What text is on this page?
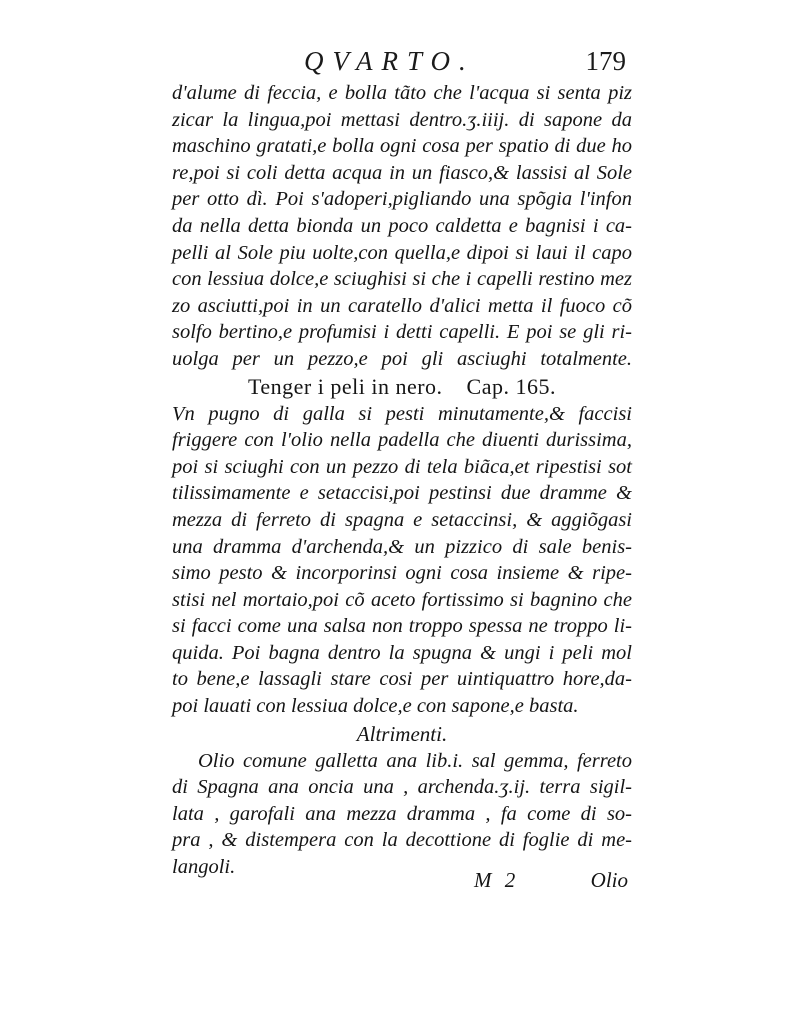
QVARTO.	179
d'alume di feccia, e bolla tãto che l'acqua si senta piz
zicar la lingua,poi mettasi dentro.ʒ.iiij. di sapone da
maschino gratati,e bolla ogni cosa per spatio di due ho
re,poi si coli detta acqua in un fiasco,& lassisi al Sole
per otto dì. Poi s'adoperi,pigliando una spõgia l'infon
da nella detta bionda un poco caldetta e bagnisi i ca-
pelli al Sole piu uolte,con quella,e dipoi si laui il capo
con lessiua dolce,e sciughisi si che i capelli restino mez
zo asciutti,poi in un caratello d'alici metta il fuoco cõ
solfo bertino,e profumisi i detti capelli. E poi se gli ri-
uolga per un pezzo,e poi gli asciughi totalmente.
Tenger i peli in nero.    Cap. 165.
Vn pugno di galla si pesti minutamente,& faccisi
friggere con l'olio nella padella che diuenti durissima,
poi si sciughi con un pezzo di tela biãca,et ripestisi sot
tilissimamente e setaccisi,poi pestinsi due dramme &
mezza di ferreto di spagna e setaccinsi, & aggiõgasi
una dramma d'archenda,& un pizzico di sale benis-
simo pesto & incorporinsi ogni cosa insieme & ripe-
stisi nel mortaio,poi cõ aceto fortissimo si bagnino che
si facci come una salsa non troppo spessa ne troppo li-
quida. Poi bagna dentro la spugna & ungi i peli mol
to bene,e lassagli stare cosi per uintiquattro hore,da-
poi lauati con lessiua dolce,e con sapone,e basta.
Altrimenti.
Olio comune galletta ana lib.i. sal gemma, ferreto
di Spagna ana oncia una , archenda.ʒ.ij. terra sigil-
lata , garofali ana mezza dramma , fa come di so-
pra , & distempera con la decottione di foglie di me-
langoli.
M 2	Olio
